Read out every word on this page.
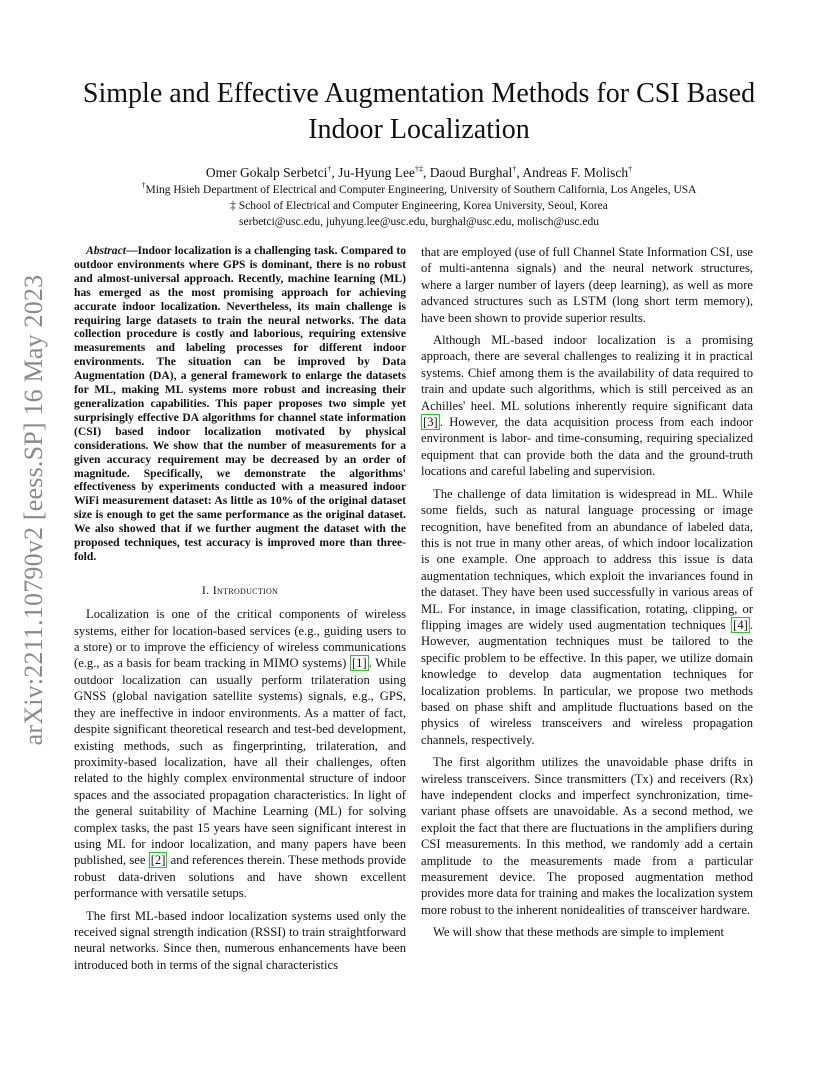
arXiv:2211.10790v2 [eess.SP] 16 May 2023
Simple and Effective Augmentation Methods for CSI Based Indoor Localization
Omer Gokalp Serbetci†, Ju-Hyung Lee†‡, Daoud Burghal†, Andreas F. Molisch†
†Ming Hsieh Department of Electrical and Computer Engineering, University of Southern California, Los Angeles, USA
‡ School of Electrical and Computer Engineering, Korea University, Seoul, Korea
serbetci@usc.edu, juhyung.lee@usc.edu, burghal@usc.edu, molisch@usc.edu

Abstract—Indoor localization is a challenging task. Compared to outdoor environments where GPS is dominant, there is no robust and almost-universal approach. Recently, machine learning (ML) has emerged as the most promising approach for achieving accurate indoor localization. Nevertheless, its main challenge is requiring large datasets to train the neural networks. The data collection procedure is costly and laborious, requiring extensive measurements and labeling processes for different indoor environments. The situation can be improved by Data Augmentation (DA), a general framework to enlarge the datasets for ML, making ML systems more robust and increasing their generalization capabilities. This paper proposes two simple yet surprisingly effective DA algorithms for channel state information (CSI) based indoor localization motivated by physical considerations. We show that the number of measurements for a given accuracy requirement may be decreased by an order of magnitude. Specifically, we demonstrate the algorithms' effectiveness by experiments conducted with a measured indoor WiFi measurement dataset: As little as 10% of the original dataset size is enough to get the same performance as the original dataset. We also showed that if we further augment the dataset with the proposed techniques, test accuracy is improved more than three-fold.

I. Introduction

Localization is one of the critical components of wireless systems, either for location-based services (e.g., guiding users to a store) or to improve the efficiency of wireless communications (e.g., as a basis for beam tracking in MIMO systems) [1] . While outdoor localization can usually perform trilateration using GNSS (global navigation satellite systems) signals, e.g., GPS, they are ineffective in indoor environments. As a matter of fact, despite significant theoretical research and test-bed development, existing methods, such as fingerprinting, trilateration, and proximity-based localization, have all their challenges, often related to the highly complex environmental structure of indoor spaces and the associated propagation characteristics. In light of the general suitability of Machine Learning (ML) for solving complex tasks, the past 15 years have seen significant interest in using ML for indoor localization, and many papers have been published, see [2] and references therein. These methods provide robust data-driven solutions and have shown excellent performance with versatile setups.

The first ML-based indoor localization systems used only the received signal strength indication (RSSI) to train straightforward neural networks. Since then, numerous enhancements have been introduced both in terms of the signal characteristics

that are employed (use of full Channel State Information CSI, use of multi-antenna signals) and the neural network structures, where a larger number of layers (deep learning), as well as more advanced structures such as LSTM (long short term memory), have been shown to provide superior results.

Although ML-based indoor localization is a promising approach, there are several challenges to realizing it in practical systems. Chief among them is the availability of data required to train and update such algorithms, which is still perceived as an Achilles' heel. ML solutions inherently require significant data [3] . However, the data acquisition process from each indoor environment is labor- and time-consuming, requiring specialized equipment that can provide both the data and the ground-truth locations and careful labeling and supervision.

The challenge of data limitation is widespread in ML. While some fields, such as natural language processing or image recognition, have benefited from an abundance of labeled data, this is not true in many other areas, of which indoor localization is one example. One approach to address this issue is data augmentation techniques, which exploit the invariances found in the dataset. They have been used successfully in various areas of ML. For instance, in image classification, rotating, clipping, or flipping images are widely used augmentation techniques [4] . However, augmentation techniques must be tailored to the specific problem to be effective. In this paper, we utilize domain knowledge to develop data augmentation techniques for localization problems. In particular, we propose two methods based on phase shift and amplitude fluctuations based on the physics of wireless transceivers and wireless propagation channels, respectively.

The first algorithm utilizes the unavoidable phase drifts in wireless transceivers. Since transmitters (Tx) and receivers (Rx) have independent clocks and imperfect synchronization, time-variant phase offsets are unavoidable. As a second method, we exploit the fact that there are fluctuations in the amplifiers during CSI measurements. In this method, we randomly add a certain amplitude to the measurements made from a particular measurement device. The proposed augmentation method provides more data for training and makes the localization system more robust to the inherent nonidealities of transceiver hardware.

We will show that these methods are simple to implement
